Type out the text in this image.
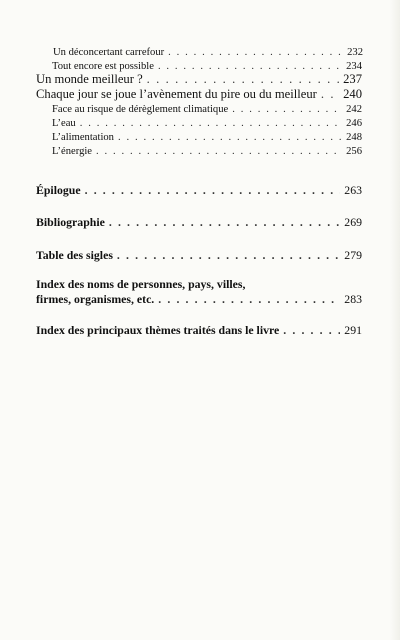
Un déconcertant carrefour . . .	232
Tout encore est possible . . .	234
Un monde meilleur ? . . .	237
Chaque jour se joue l’avènement du pire ou du meilleur . . . 240
Face au risque de dérèglement climatique . . .	242
L’eau . . .	246
L’alimentation . . .	248
L’énergie . . .	256
Épilogue . . .	263
Bibliographie . . .	269
Table des sigles . . .	279
Index des noms de personnes, pays, villes,
firmes, organismes, etc. . . .	283
Index des principaux thèmes traités dans le livre . . .	291
